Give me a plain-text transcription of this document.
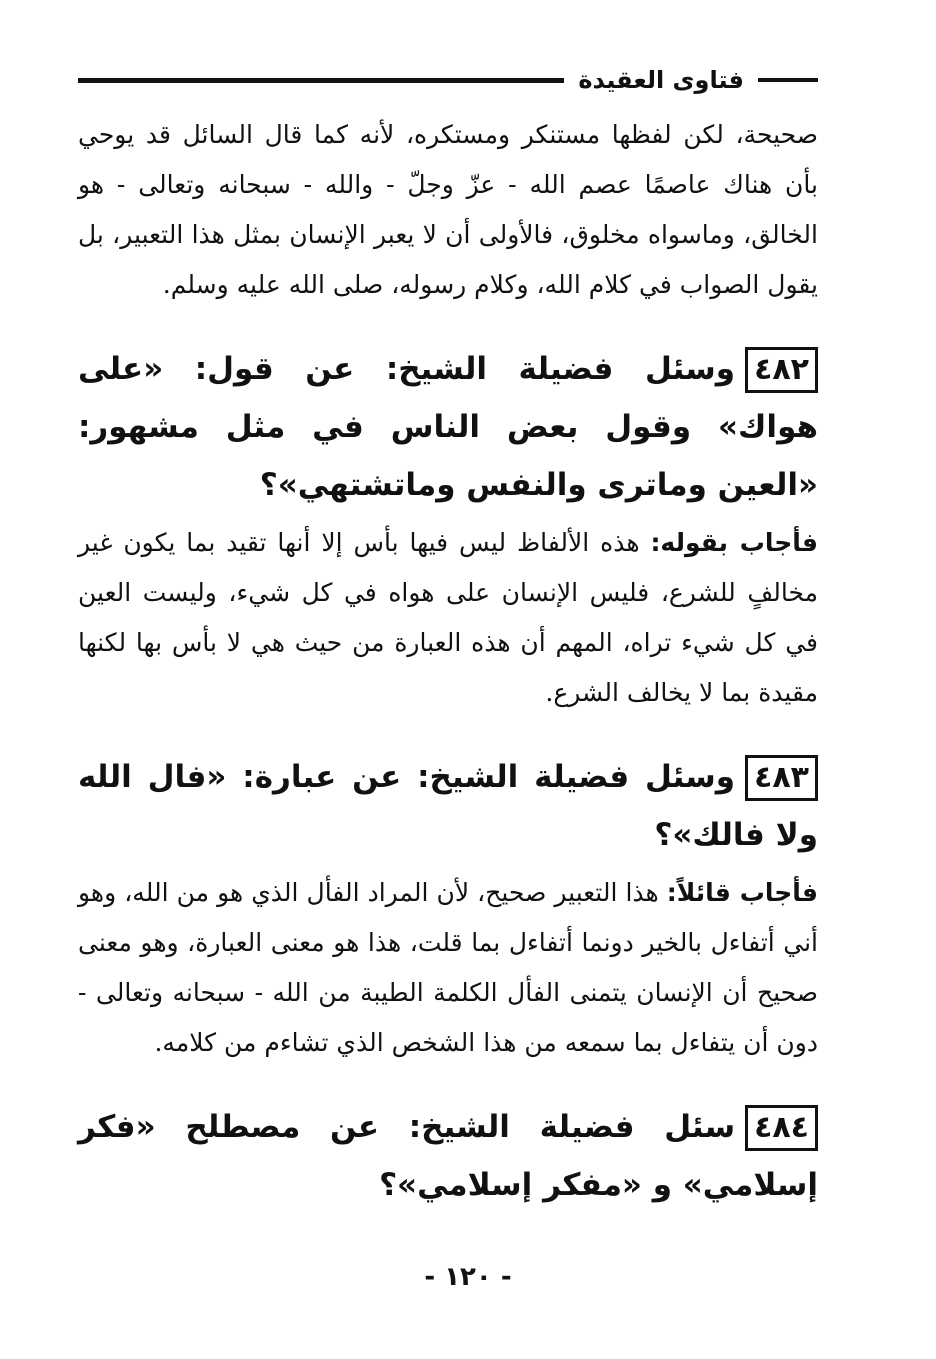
فتاوى العقيدة

صحيحة، لكن لفظها مستنكر ومستكره، لأنه كما قال السائل قد يوحي بأن هناك عاصمًا عصم الله - عزّ وجلّ - والله - سبحانه وتعالى - هو الخالق، وماسواه مخلوق، فالأولى أن لا يعبر الإنسان بمثل هذا التعبير، بل يقول الصواب في كلام الله، وكلام رسوله، صلى الله عليه وسلم.

٤٨٢وسئل فضيلة الشيخ: عن قول: «على هواك» وقول بعض الناس في مثل مشهور: «العين وماترى والنفس وماتشتهي»؟

فأجاب بقوله: هذه الألفاظ ليس فيها بأس إلا أنها تقيد بما يكون غير مخالفٍ للشرع، فليس الإنسان على هواه في كل شيء، وليست العين في كل شيء تراه، المهم أن هذه العبارة من حيث هي لا بأس بها لكنها مقيدة بما لا يخالف الشرع.

٤٨٣وسئل فضيلة الشيخ: عن عبارة: «فال الله ولا فالك»؟

فأجاب قائلاً: هذا التعبير صحيح، لأن المراد الفأل الذي هو من الله، وهو أني أتفاءل بالخير دونما أتفاءل بما قلت، هذا هو معنى العبارة، وهو معنى صحيح أن الإنسان يتمنى الفأل الكلمة الطيبة من الله - سبحانه وتعالى - دون أن يتفاءل بما سمعه من هذا الشخص الذي تشاءم من كلامه.

٤٨٤سئل فضيلة الشيخ: عن مصطلح «فكر إسلامي» و «مفكر إسلامي»؟

- ١٢٠ -
